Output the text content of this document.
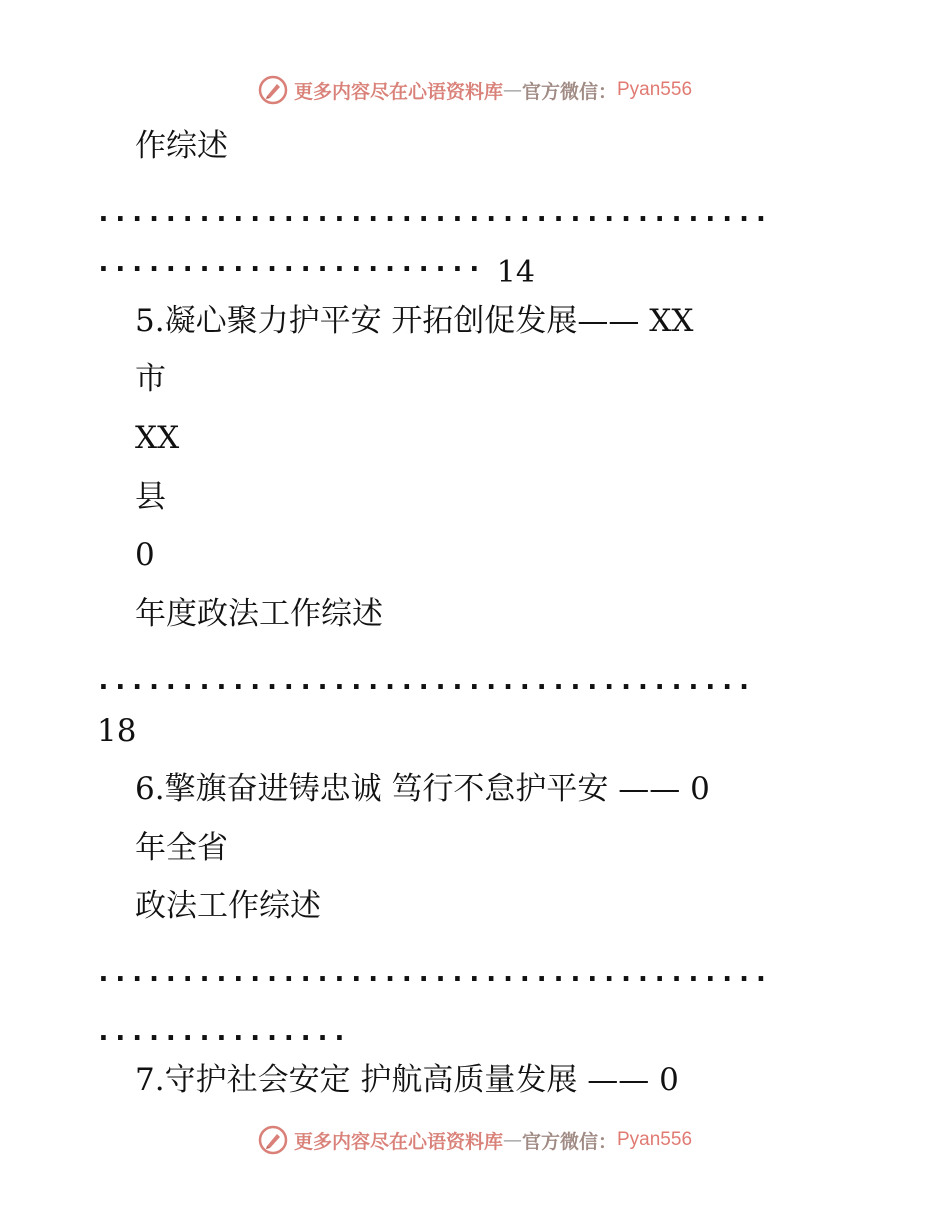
更多内容尽在心语资料库 — 官方微信： Pyan556
作综述
........................................
....................... 14
5.凝心聚力护平安 开拓创促发展—— XX
市
XX
县
0
年度政法工作综述
.......................................
18
6.擎旗奋进铸忠诚 笃行不怠护平安 —— 0
年全省
政法工作综述
........................................
...............
7.守护社会安定 护航高质量发展 —— 0
更多内容尽在心语资料库 — 官方微信： Pyan556
